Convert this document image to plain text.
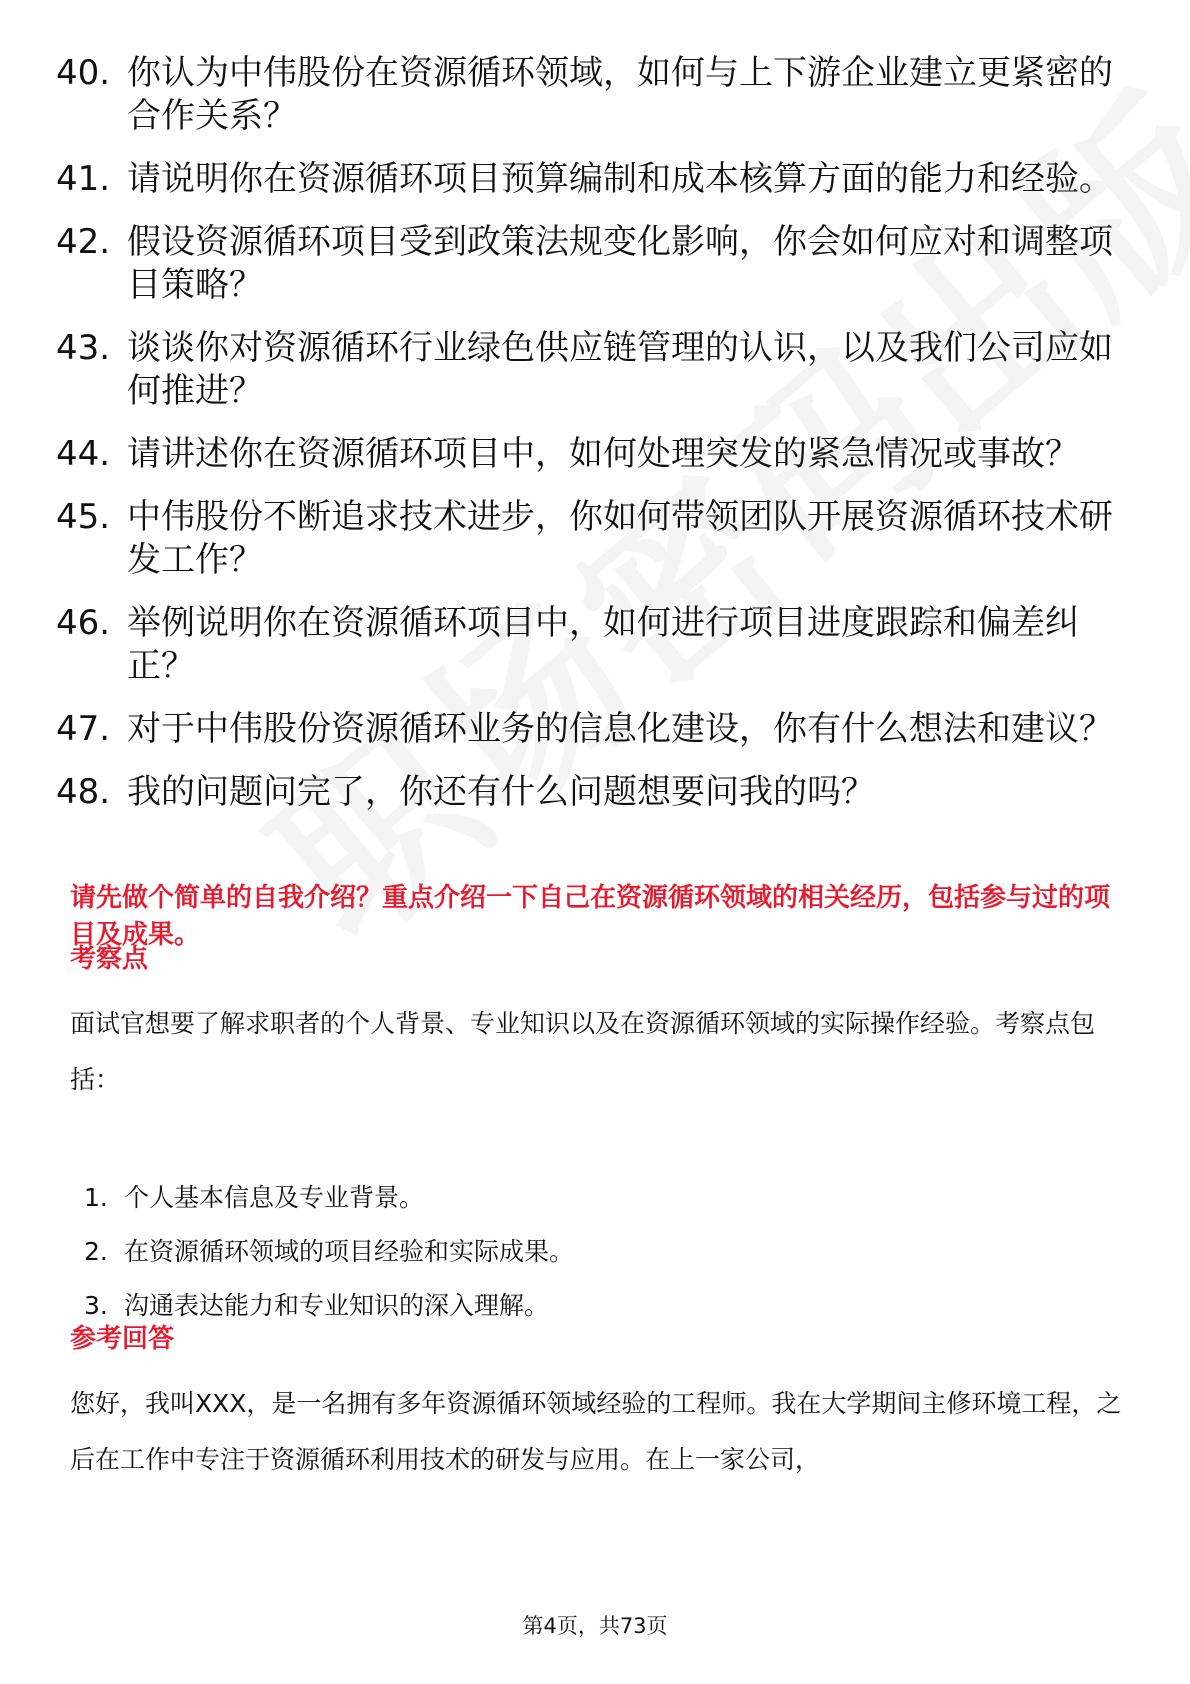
40. 你认为中伟股份在资源循环领域，如何与上下游企业建立更紧密的合作关系？
41. 请说明你在资源循环项目预算编制和成本核算方面的能力和经验。
42. 假设资源循环项目受到政策法规变化影响，你会如何应对和调整项目策略？
43. 谈谈你对资源循环行业绿色供应链管理的认识，以及我们公司应如何推进？
44. 请讲述你在资源循环项目中，如何处理突发的紧急情况或事故？
45. 中伟股份不断追求技术进步，你如何带领团队开展资源循环技术研发工作？
46. 举例说明你在资源循环项目中，如何进行项目进度跟踪和偏差纠正？
47. 对于中伟股份资源循环业务的信息化建设，你有什么想法和建议？
48. 我的问题问完了，你还有什么问题想要问我的吗？

请先做个简单的自我介绍？重点介绍一下自己在资源循环领域的相关经历，包括参与过的项目及成果。

考察点

面试官想要了解求职者的个人背景、专业知识以及在资源循环领域的实际操作经验。考察点包括：

1. 个人基本信息及专业背景。
2. 在资源循环领域的项目经验和实际成果。
3. 沟通表达能力和专业知识的深入理解。
参考回答

您好，我叫XXX，是一名拥有多年资源循环领域经验的工程师。我在大学期间主修环境工程，之后在工作中专注于资源循环利用技术的研发与应用。在上一家公司，

第4页，共73页
